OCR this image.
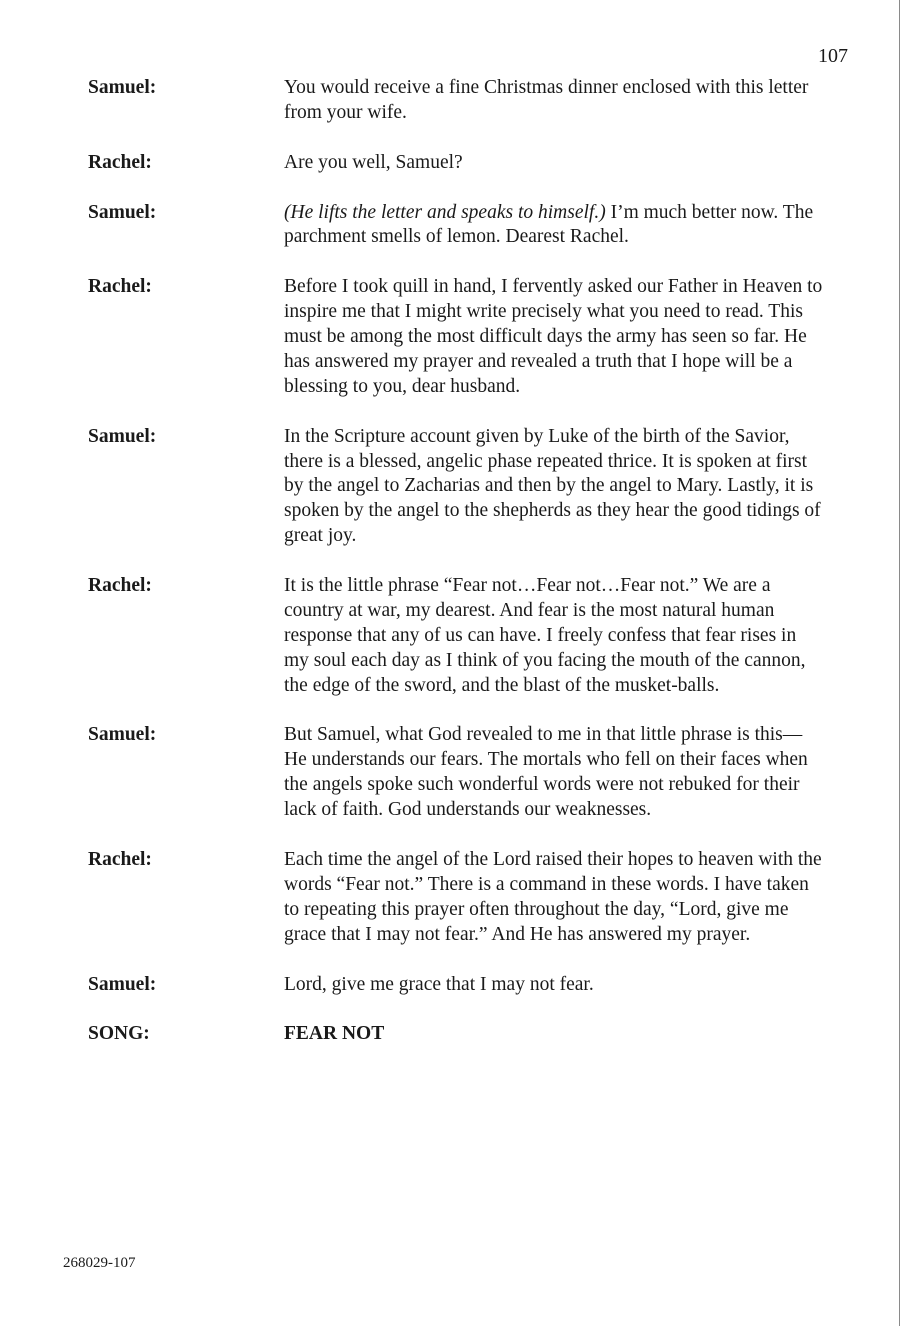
107
Samuel:	You would receive a fine Christmas dinner enclosed with this letter from your wife.
Rachel:	Are you well, Samuel?
Samuel:	(He lifts the letter and speaks to himself.) I’m much better now. The parchment smells of lemon. Dearest Rachel.
Rachel:	Before I took quill in hand, I fervently asked our Father in Heaven to inspire me that I might write precisely what you need to read. This must be among the most difficult days the army has seen so far. He has answered my prayer and revealed a truth that I hope will be a blessing to you, dear husband.
Samuel:	In the Scripture account given by Luke of the birth of the Savior, there is a blessed, angelic phase repeated thrice. It is spoken at first by the angel to Zacharias and then by the angel to Mary. Lastly, it is spoken by the angel to the shepherds as they hear the good tidings of great joy.
Rachel:	It is the little phrase “Fear not…Fear not…Fear not.” We are a country at war, my dearest. And fear is the most natural human response that any of us can have. I freely confess that fear rises in my soul each day as I think of you facing the mouth of the cannon, the edge of the sword, and the blast of the musket-balls.
Samuel:	But Samuel, what God revealed to me in that little phrase is this—He understands our fears. The mortals who fell on their faces when the angels spoke such wonderful words were not rebuked for their lack of faith. God understands our weaknesses.
Rachel:	Each time the angel of the Lord raised their hopes to heaven with the words “Fear not.” There is a command in these words. I have taken to repeating this prayer often throughout the day, “Lord, give me grace that I may not fear.” And He has answered my prayer.
Samuel:	Lord, give me grace that I may not fear.
SONG:	FEAR NOT
268029-107
